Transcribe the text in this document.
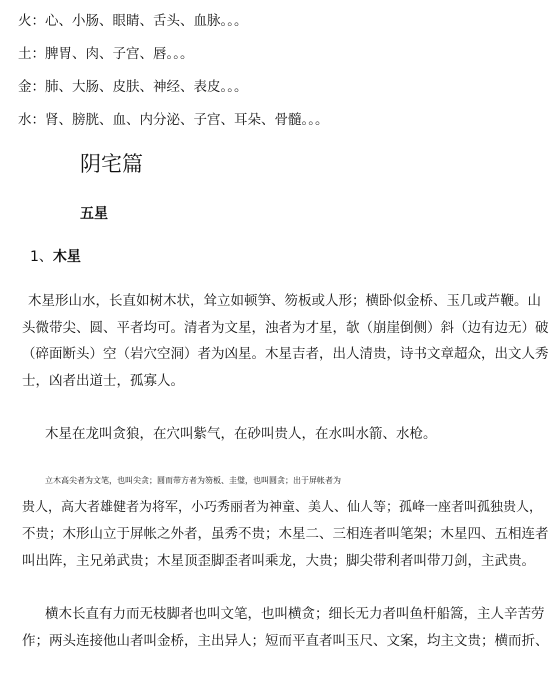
火：心、小肠、眼睛、舌头、血脉。。。
土：脾胃、肉、子宫、唇。。。
金：肺、大肠、皮肤、神经、表皮。。。
水：肾、膀胱、血、内分泌、子宫、耳朵、骨髓。。。
阴宅篇
五星
1、木星
木星形山水，长直如树木状，耸立如顿笋、笏板或人形；横卧似金桥、玉几或芦鞭。山
头微带尖、圆、平者均可。清者为文星，浊者为才星，欹（崩崖倒侧）斜（边有边无）破
（碎面断头）空（岩穴空洞）者为凶星。木星吉者，出人清贵，诗书文章超众，出文人秀
士，凶者出道士，孤寡人。
木星在龙叫贪狼，在穴叫紫气，在砂叫贵人，在水叫水箭、水枪。
立木高尖者为文笔，也叫尖贪；圆而带方者为笏板、圭璧，也叫圆贪；出于屏帐者为
贵人，高大者雄健者为将军，小巧秀丽者为神童、美人、仙人等；孤峰一座者叫孤独贵人，
不贵；木形山立于屏帐之外者，虽秀不贵；木星二、三相连者叫笔架；木星四、五相连者
叫出阵，主兄弟武贵；木星顶歪脚歪者叫乘龙，大贵；脚尖带利者叫带刀剑，主武贵。
横木长直有力而无枝脚者也叫文笔，也叫横贪；细长无力者叫鱼杆船篙，主人辛苦劳
作；两头连接他山者叫金桥，主出异人；短而平直者叫玉尺、文案，均主文贵；横而折、
